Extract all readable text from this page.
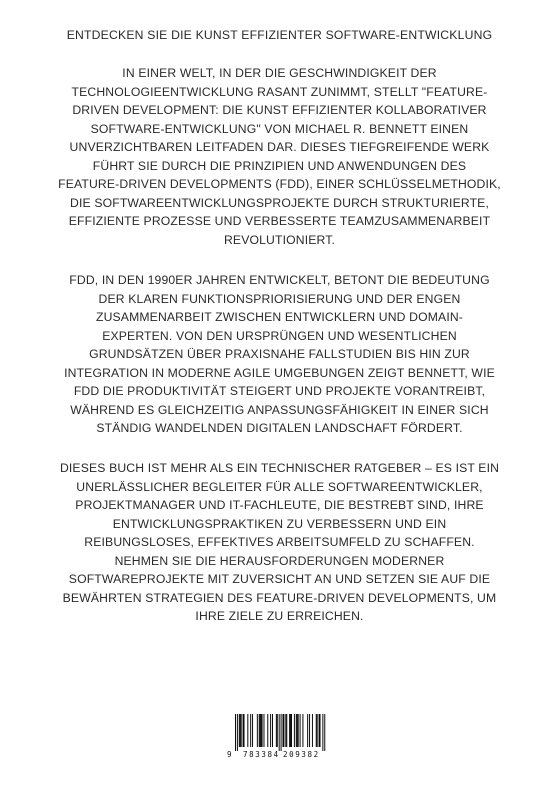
ENTDECKEN SIE DIE KUNST EFFIZIENTER SOFTWARE-ENTWICKLUNG
IN EINER WELT, IN DER DIE GESCHWINDIGKEIT DER
TECHNOLOGIEENTWICKLUNG RASANT ZUNIMMT, STELLT "FEATURE-
DRIVEN DEVELOPMENT: DIE KUNST EFFIZIENTER KOLLABORATIVER
SOFTWARE-ENTWICKLUNG" VON MICHAEL R. BENNETT EINEN
UNVERZICHTBAREN LEITFADEN DAR. DIESES TIEFGREIFENDE WERK
FÜHRT SIE DURCH DIE PRINZIPIEN UND ANWENDUNGEN DES
FEATURE-DRIVEN DEVELOPMENTS (FDD), EINER SCHLÜSSELMETHODIK,
DIE SOFTWAREENTWICKLUNGSPROJEKTE DURCH STRUKTURIERTE,
EFFIZIENTE PROZESSE UND VERBESSERTE TEAMZUSAMMENARBEIT
REVOLUTIONIERT.
FDD, IN DEN 1990ER JAHREN ENTWICKELT, BETONT DIE BEDEUTUNG
DER KLAREN FUNKTIONSPRIORISIERUNG UND DER ENGEN
ZUSAMMENARBEIT ZWISCHEN ENTWICKLERN UND DOMAIN-
EXPERTEN. VON DEN URSPRÜNGEN UND WESENTLICHEN
GRUNDSÄTZEN ÜBER PRAXISNAHE FALLSTUDIEN BIS HIN ZUR
INTEGRATION IN MODERNE AGILE UMGEBUNGEN ZEIGT BENNETT, WIE
FDD DIE PRODUKTIVITÄT STEIGERT UND PROJEKTE VORANTREIBT,
WÄHREND ES GLEICHZEITIG ANPASSUNGSFÄHIGKEIT IN EINER SICH
STÄNDIG WANDELNDEN DIGITALEN LANDSCHAFT FÖRDERT.
DIESES BUCH IST MEHR ALS EIN TECHNISCHER RATGEBER – ES IST EIN
UNERLÄSSLICHER BEGLEITER FÜR ALLE SOFTWAREENTWICKLER,
PROJEKTMANAGER UND IT-FACHLEUTE, DIE BESTREBT SIND, IHRE
ENTWICKLUNGSPRAKTIKEN ZU VERBESSERN UND EIN
REIBUNGSLOSES, EFFEKTIVES ARBEITSUMFELD ZU SCHAFFEN.
NEHMEN SIE DIE HERAUSFORDERUNGEN MODERNER
SOFTWAREPROJEKTE MIT ZUVERSICHT AN UND SETZEN SIE AUF DIE
BEWÄHRTEN STRATEGIEN DES FEATURE-DRIVEN DEVELOPMENTS, UM
IHRE ZIELE ZU ERREICHEN.
9 783384 209382
